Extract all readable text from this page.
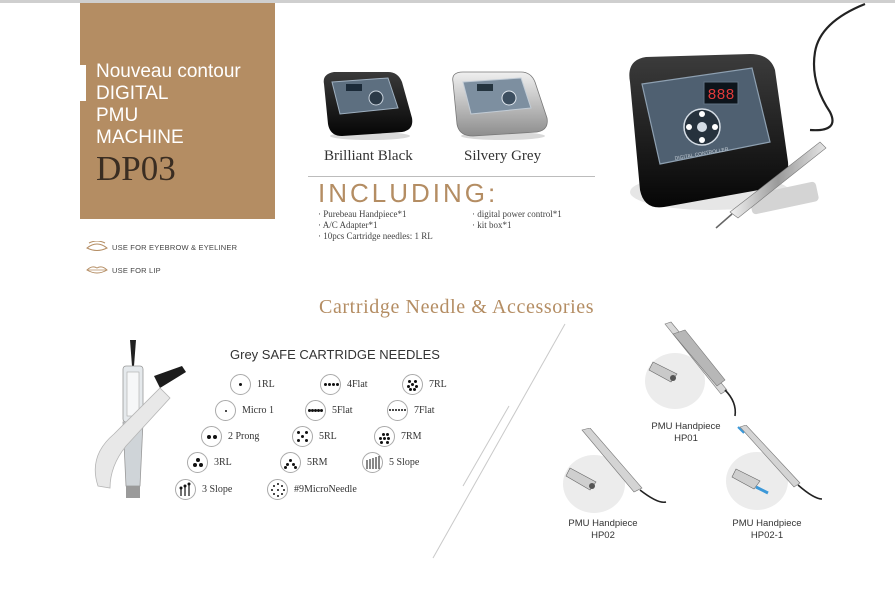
Nouveau contour
DIGITAL
PMU
MACHINE
DP03
USE FOR EYEBROW & EYELINER
USE FOR LIP
Brilliant Black	Silvery Grey
INCLUDING:
· Purebeau Handpiece*1
· A/C Adapter*1
· 10pcs Cartridge needles: 1 RL
· digital power control*1
· kit box*1
888
DIGITAL CONTROLLER
Cartridge Needle & Accessories
Grey SAFE CARTRIDGE NEEDLES
1RL	4Flat	7RL
Micro 1	5Flat	7Flat
2 Prong	5RL	7RM
3RL	5RM	5 Slope
3 Slope	#9MicroNeedle
PMU Handpiece
HP01
PMU Handpiece
HP02
PMU Handpiece
HP02-1
